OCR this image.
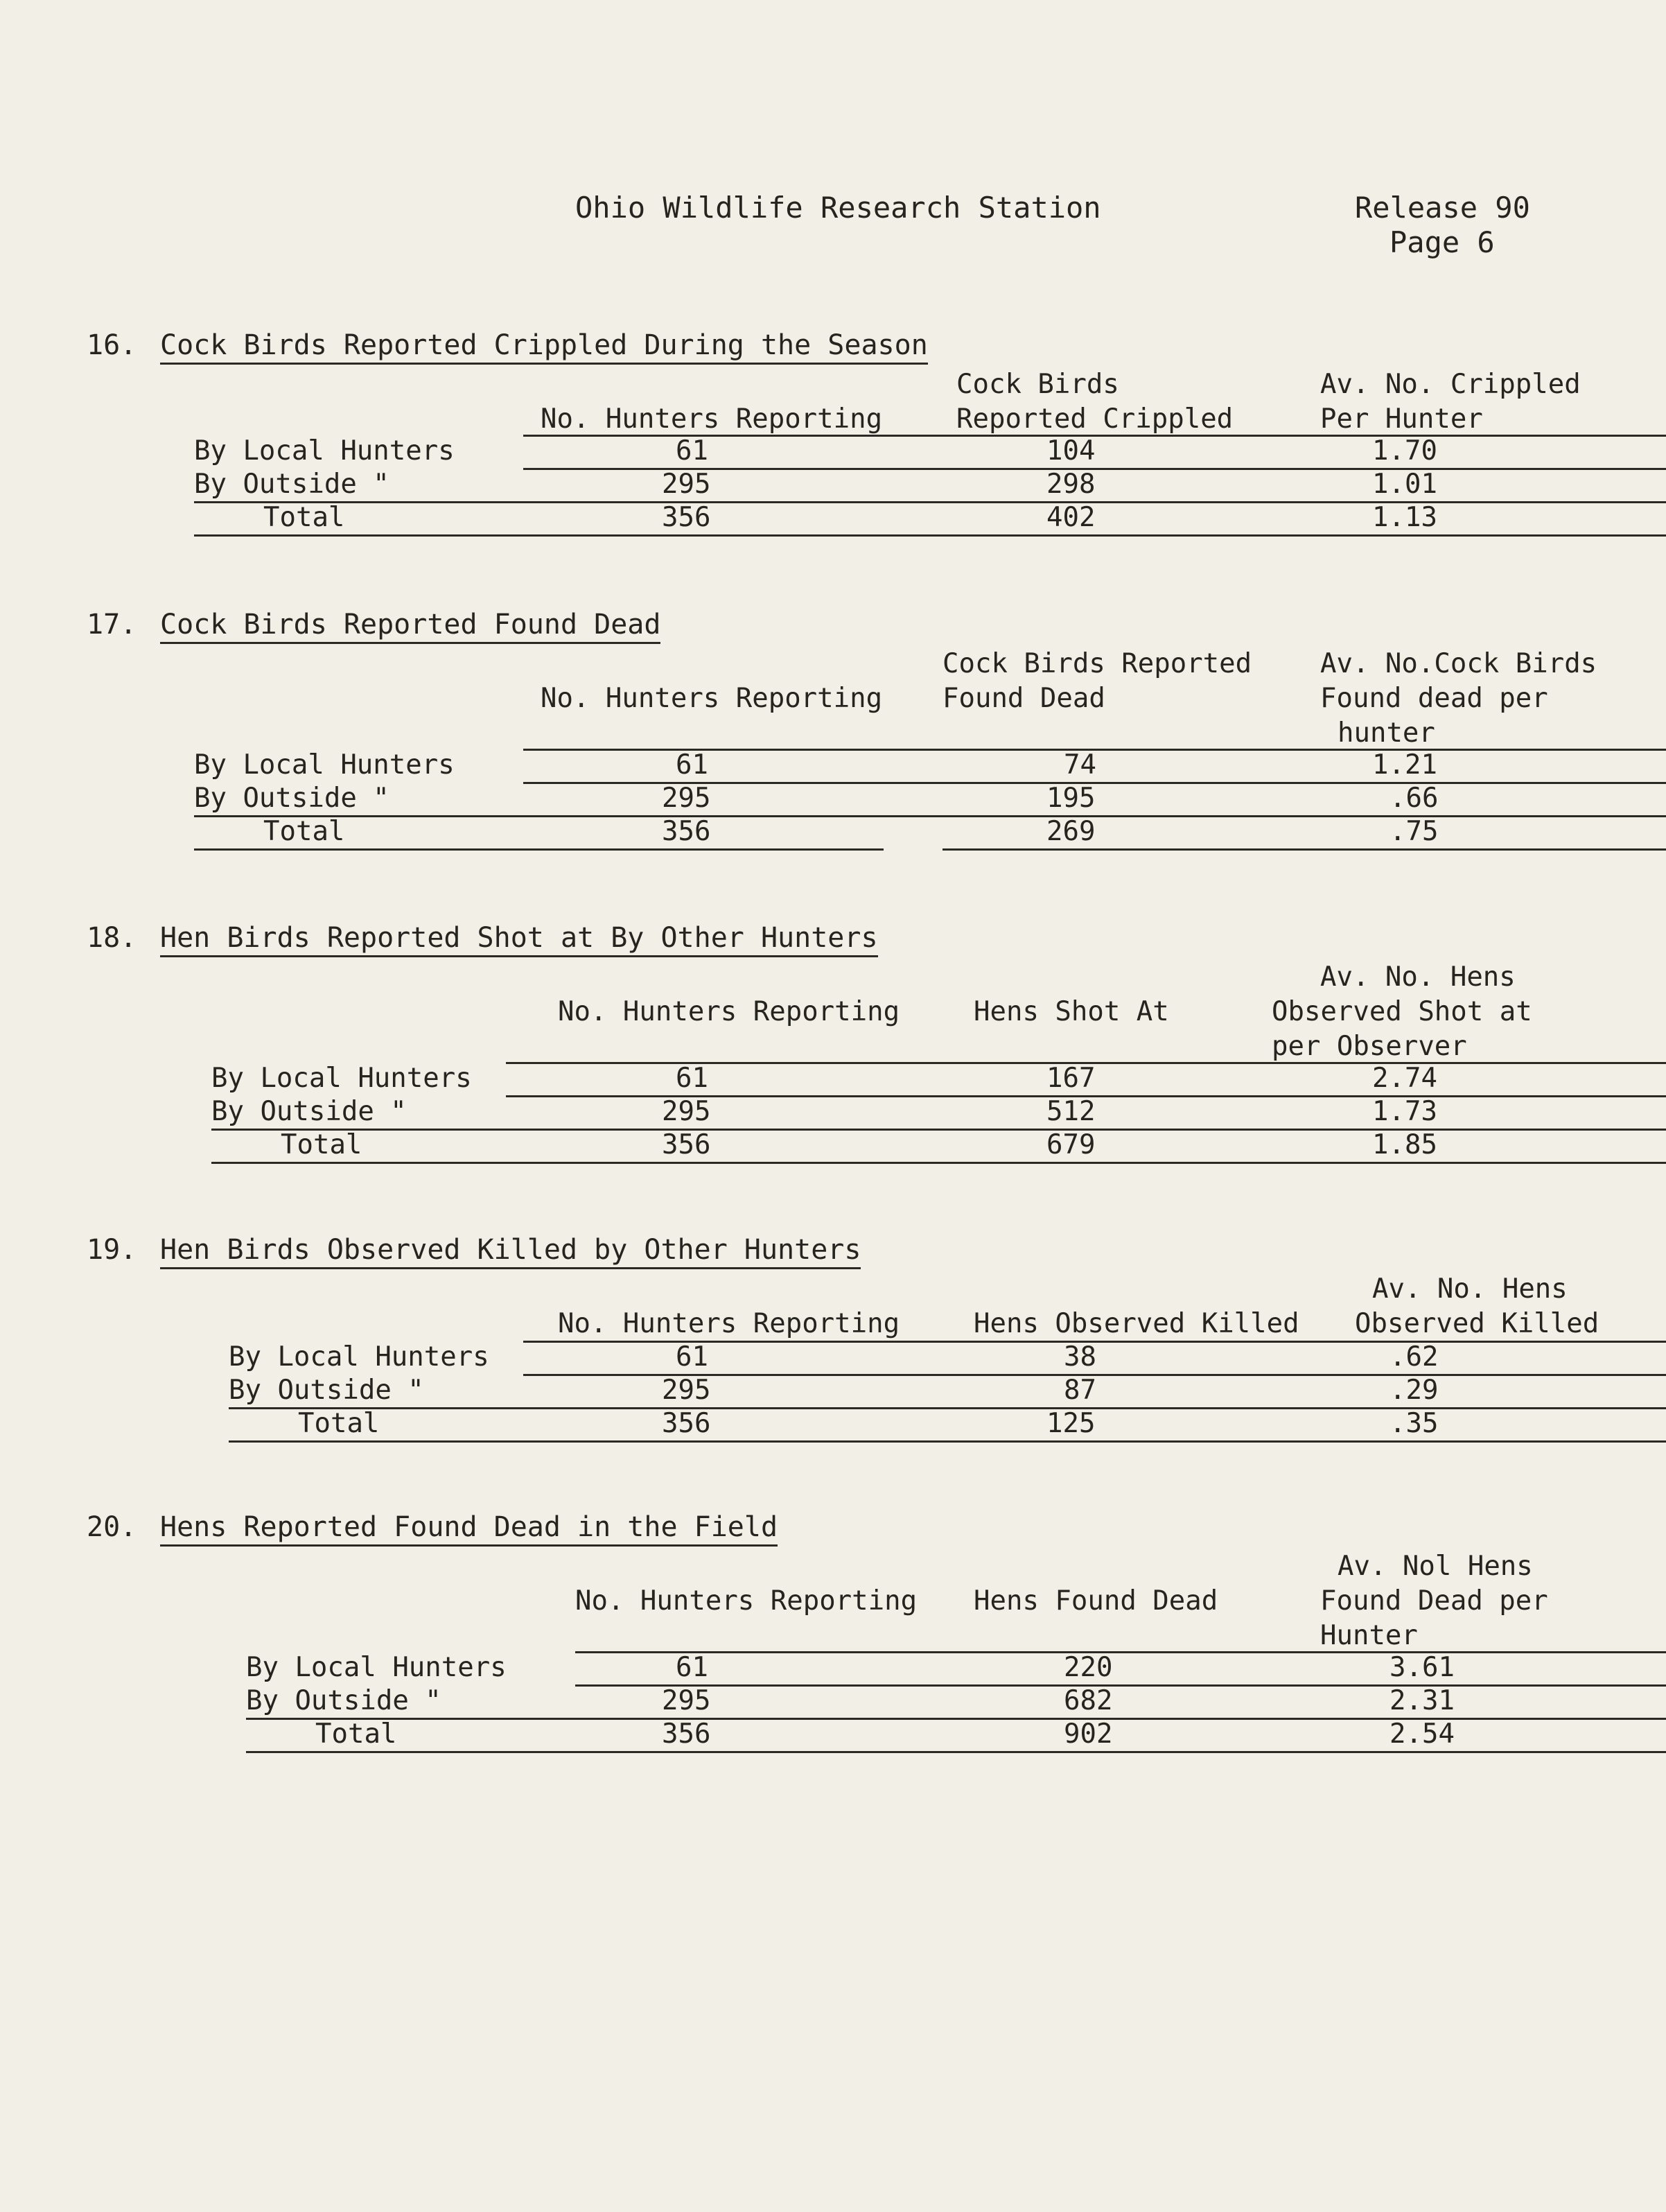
Ohio Wildlife Research Station	Release 90
Page 6
16. Cock Birds Reported Crippled During the Season
No. Hunters Reporting
Cock Birds
Reported Crippled
Av. No. Crippled
Per Hunter
By Local Hunters	61	104	1.70
By Outside "	295	298	1.01
Total	356	402	1.13
17. Cock Birds Reported Found Dead
No. Hunters Reporting
Cock Birds Reported
Found Dead
Av. No.Cock Birds
Found dead per
hunter
By Local Hunters	61	74	1.21
By Outside "	295	195	.66
Total	356	269	.75
18. Hen Birds Reported Shot at By Other Hunters
No. Hunters Reporting	Hens Shot At
Av. No. Hens
Observed Shot at
per Observer
By Local Hunters	61	167	2.74
By Outside "	295	512	1.73
Total	356	679	1.85
19. Hen Birds Observed Killed by Other Hunters
No. Hunters Reporting	Hens Observed Killed
Av. No. Hens
Observed Killed
By Local Hunters	61	38	.62
By Outside "	295	87	.29
Total	356	125	.35
20. Hens Reported Found Dead in the Field
No. Hunters Reporting Hens Found Dead
Av. Nol Hens
Found Dead per
Hunter
By Local Hunters	61	220	3.61
By Outside "	295	682	2.31
Total	356	902	2.54
